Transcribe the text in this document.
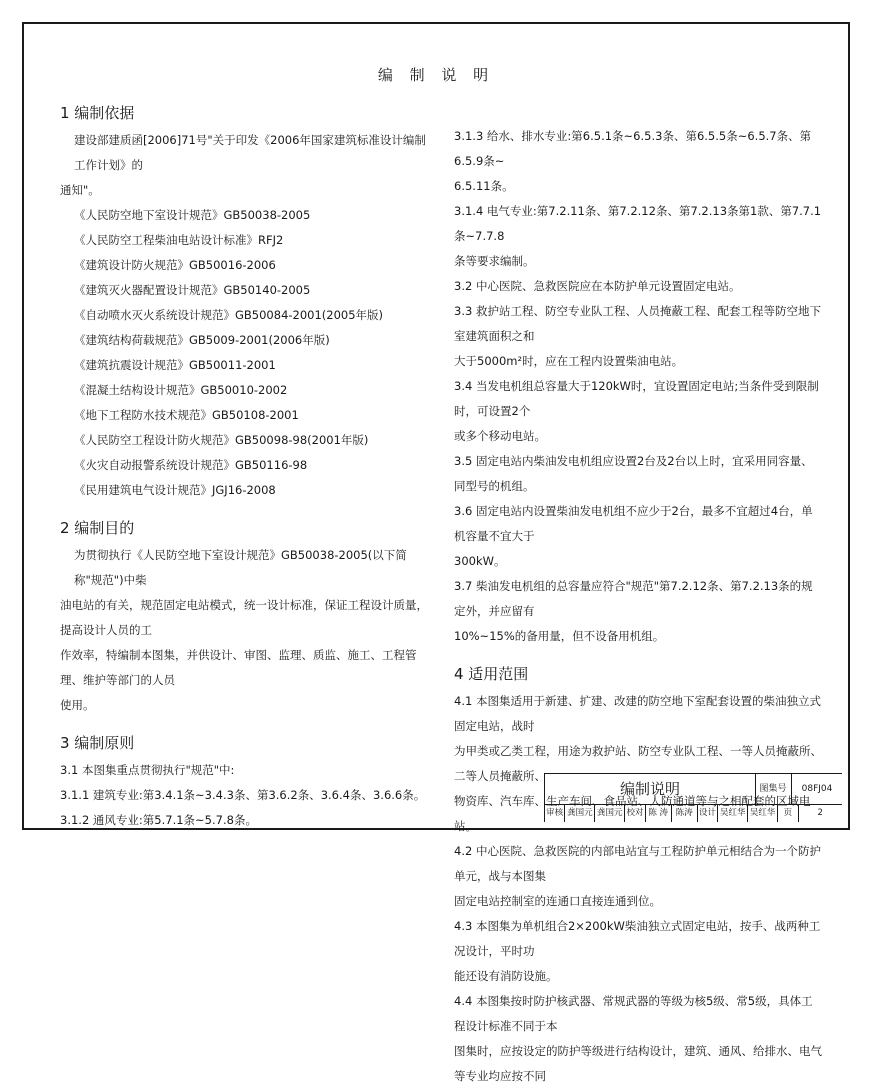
编 制 说 明

1 编制依据

建设部建质函[2006]71号"关于印发《2006年国家建筑标准设计编制工作计划》的

通知"。

《人民防空地下室设计规范》GB50038-2005

《人民防空工程柴油电站设计标准》RFJ2

《建筑设计防火规范》GB50016-2006

《建筑灭火器配置设计规范》GB50140-2005

《自动喷水灭火系统设计规范》GB50084-2001(2005年版)

《建筑结构荷载规范》GB5009-2001(2006年版)

《建筑抗震设计规范》GB50011-2001

《混凝土结构设计规范》GB50010-2002

《地下工程防水技术规范》GB50108-2001

《人民防空工程设计防火规范》GB50098-98(2001年版)

《火灾自动报警系统设计规范》GB50116-98

《民用建筑电气设计规范》JGJ16-2008

2 编制目的

为贯彻执行《人民防空地下室设计规范》GB50038-2005(以下简称"规范")中柴

油电站的有关，规范固定电站模式，统一设计标准，保证工程设计质量，提高设计人员的工

作效率，特编制本图集，并供设计、审图、监理、质监、施工、工程管理、维护等部门的人员

使用。

3 编制原则

3.1 本图集重点贯彻执行"规范"中:

3.1.1 建筑专业:第3.4.1条~3.4.3条、第3.6.2条、3.6.4条、3.6.6条。

3.1.2 通风专业:第5.7.1条~5.7.8条。

3.1.3 给水、排水专业:第6.5.1条~6.5.3条、第6.5.5条~6.5.7条、第6.5.9条~

6.5.11条。

3.1.4 电气专业:第7.2.11条、第7.2.12条、第7.2.13条第1款、第7.7.1条~7.7.8

条等要求编制。

3.2 中心医院、急救医院应在本防护单元设置固定电站。

3.3 救护站工程、防空专业队工程、人员掩蔽工程、配套工程等防空地下室建筑面积之和

大于5000m²时，应在工程内设置柴油电站。

3.4 当发电机组总容量大于120kW时，宜设置固定电站;当条件受到限制时，可设置2个

或多个移动电站。

3.5 固定电站内柴油发电机组应设置2台及2台以上时，宜采用同容量、同型号的机组。

3.6 固定电站内设置柴油发电机组不应少于2台，最多不宜超过4台，单机容量不宜大于

300kW。

3.7 柴油发电机组的总容量应符合"规范"第7.2.12条、第7.2.13条的规定外，并应留有

10%~15%的备用量，但不设备用机组。

4 适用范围

4.1 本图集适用于新建、扩建、改建的防空地下室配套设置的柴油独立式固定电站，战时

为甲类或乙类工程，用途为救护站、防空专业队工程、一等人员掩蔽所、二等人员掩蔽所、

物资库、汽车库、生产车间、食品站、人防通道等与之相配套的区域电站。

4.2 中心医院、急救医院的内部电站宜与工程防护单元相结合为一个防护单元，战与本图集

固定电站控制室的连通口直接连通到位。

4.3 本图集为单机组合2×200kW柴油独立式固定电站，按手、战两种工况设计，平时功

能还设有消防设施。

4.4 本图集按时防护核武器、常规武器的等级为核5级、常5级，具体工程设计标准不同于本

图集时，应按设定的防护等级进行结构设计，建筑、通风、给排水、电气等专业均应按不同

编制说明	图集号	08FJ04
审核 龚国元 龚国元 校对 陈 涛 陈涛 设计 吴红华 吴红华 页	2
